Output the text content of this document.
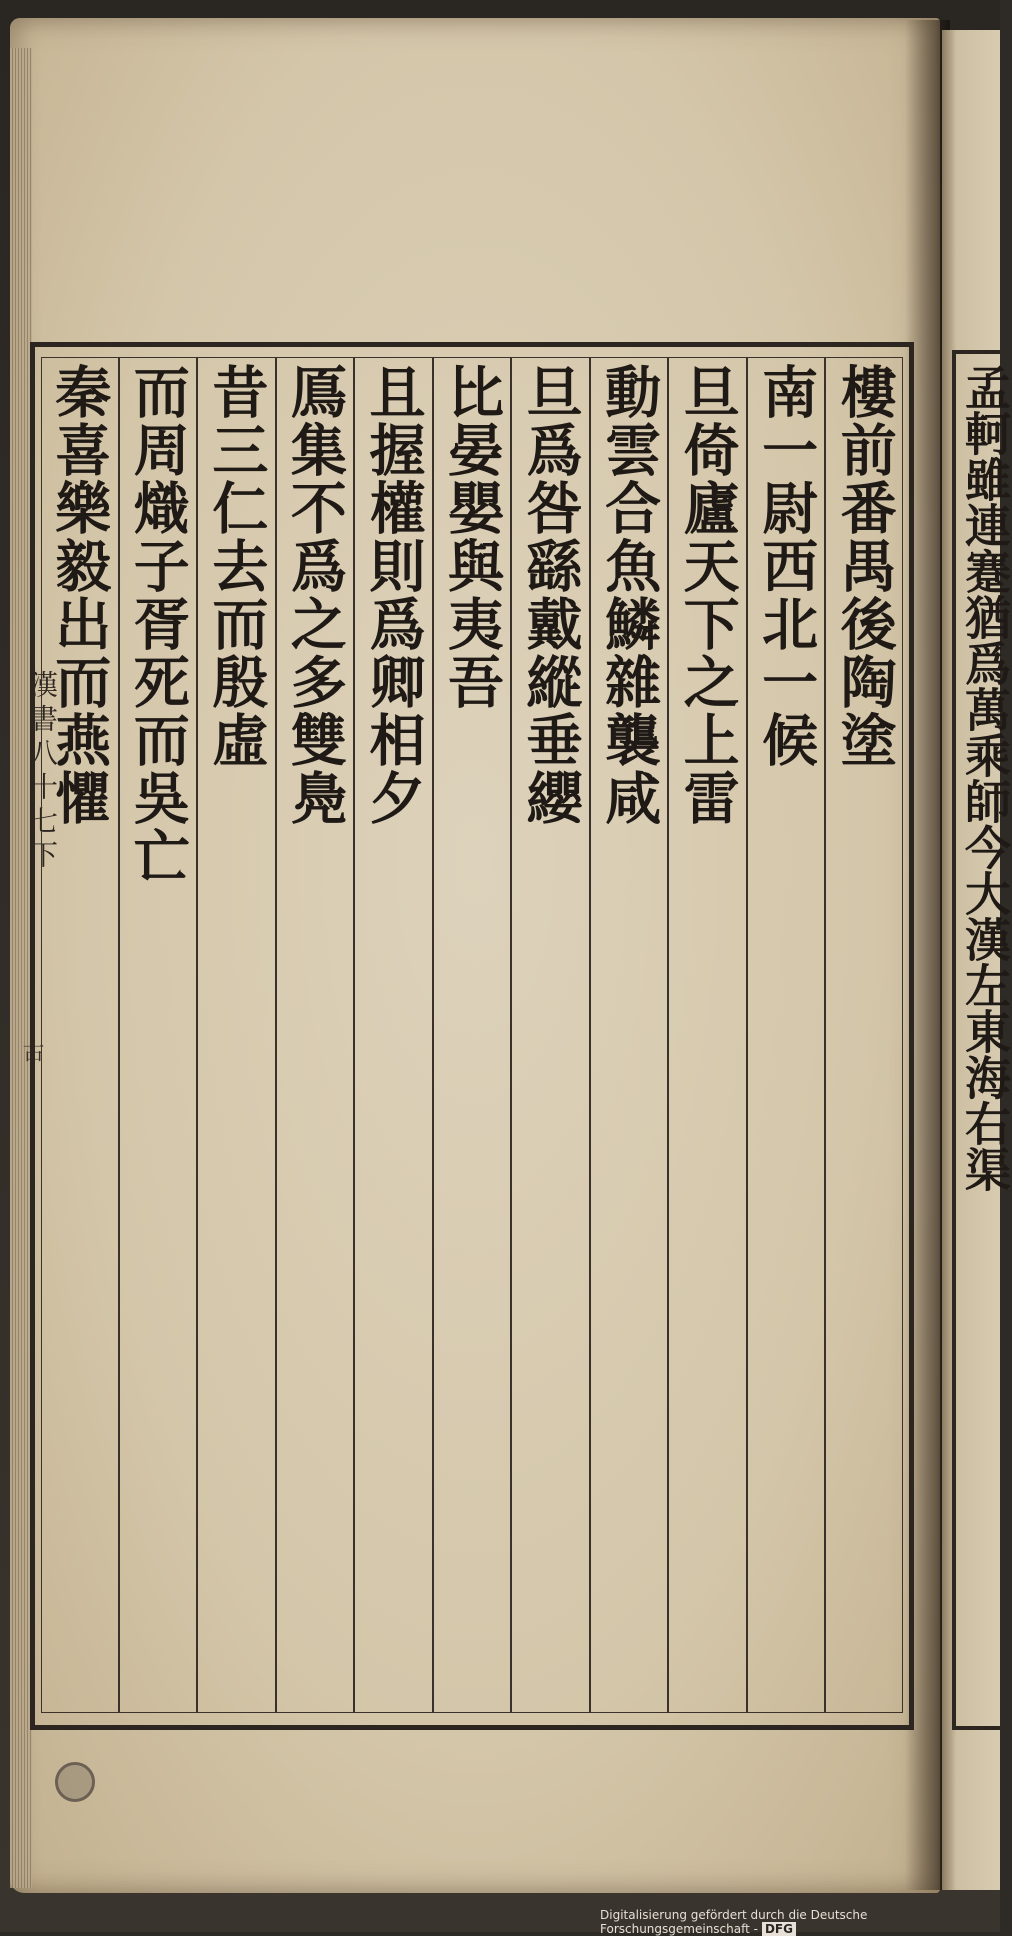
漢書八十七下
古
樓前番禺後陶塗
南一尉西北一候
旦倚廬天下之上雷
動雲合魚鱗雜襲咸
旦爲咎繇戴縱垂纓
比晏嬰與夷吾
且握權則爲卿相夕
鳫集不爲之多雙鳧
昔三仁去而殷虛
而周熾子胥死而吳亡
秦喜樂毅出而燕懼	孟軻雖連蹇猶爲萬乘師今大漢左東海右渠
Digitalisierung gefördert durch die Deutsche Forschungsgemeinschaft - DFG
